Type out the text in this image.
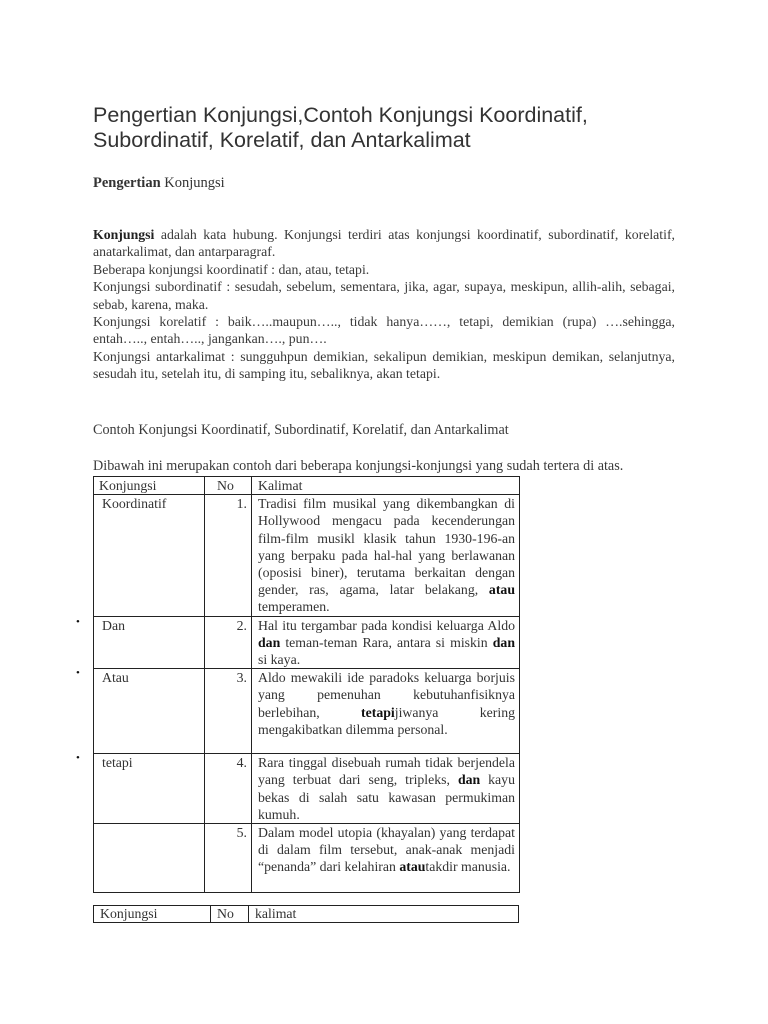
Pengertian Konjungsi,Contoh Konjungsi Koordinatif, Subordinatif, Korelatif, dan Antarkalimat
Pengertian Konjungsi
Konjungsi adalah kata hubung. Konjungsi terdiri atas konjungsi koordinatif, subordinatif, korelatif, anatarkalimat, dan antarparagraf.
Beberapa konjungsi koordinatif : dan, atau, tetapi.
Konjungsi subordinatif : sesudah, sebelum, sementara, jika, agar, supaya, meskipun, allih-alih, sebagai, sebab, karena, maka.
Konjungsi korelatif : baik…..maupun….., tidak hanya……, tetapi, demikian (rupa) ….sehingga, entah….., entah….., jangankan…., pun….
Konjungsi antarkalimat : sungguhpun demikian, sekalipun demikian, meskipun demikan, selanjutnya, sesudah itu, setelah itu, di samping itu, sebaliknya, akan tetapi.
Contoh Konjungsi Koordinatif, Subordinatif, Korelatif, dan Antarkalimat
Dibawah ini merupakan contoh dari beberapa konjungsi-konjungsi yang sudah tertera di atas.
Konjungsi	No	Kalimat
Koordinatif	1.	Tradisi film musikal yang dikembangkan di Hollywood mengacu pada kecenderungan film-film musikl klasik tahun 1930-196-an yang berpaku pada hal-hal yang berlawanan (oposisi biner), terutama berkaitan dengan gender, ras, agama, latar belakang, atau temperamen.
Dan	2.	Hal itu tergambar pada kondisi keluarga Aldo dan teman-teman Rara, antara si miskin dan si kaya.
Atau	3.	Aldo mewakili ide paradoks keluarga borjuis yang pemenuhan kebutuhanfisiknya berlebihan, tetapijiwanya kering mengakibatkan dilemma personal.
tetapi	4.	Rara tinggal disebuah rumah tidak berjendela yang terbuat dari seng, tripleks, dan kayu bekas di salah satu kawasan permukiman kumuh.
	5.	Dalam model utopia (khayalan) yang terdapat di dalam film tersebut, anak-anak menjadi “penanda” dari kelahiran atautakdir manusia.
•
•
•
Konjungsi	No	kalimat
